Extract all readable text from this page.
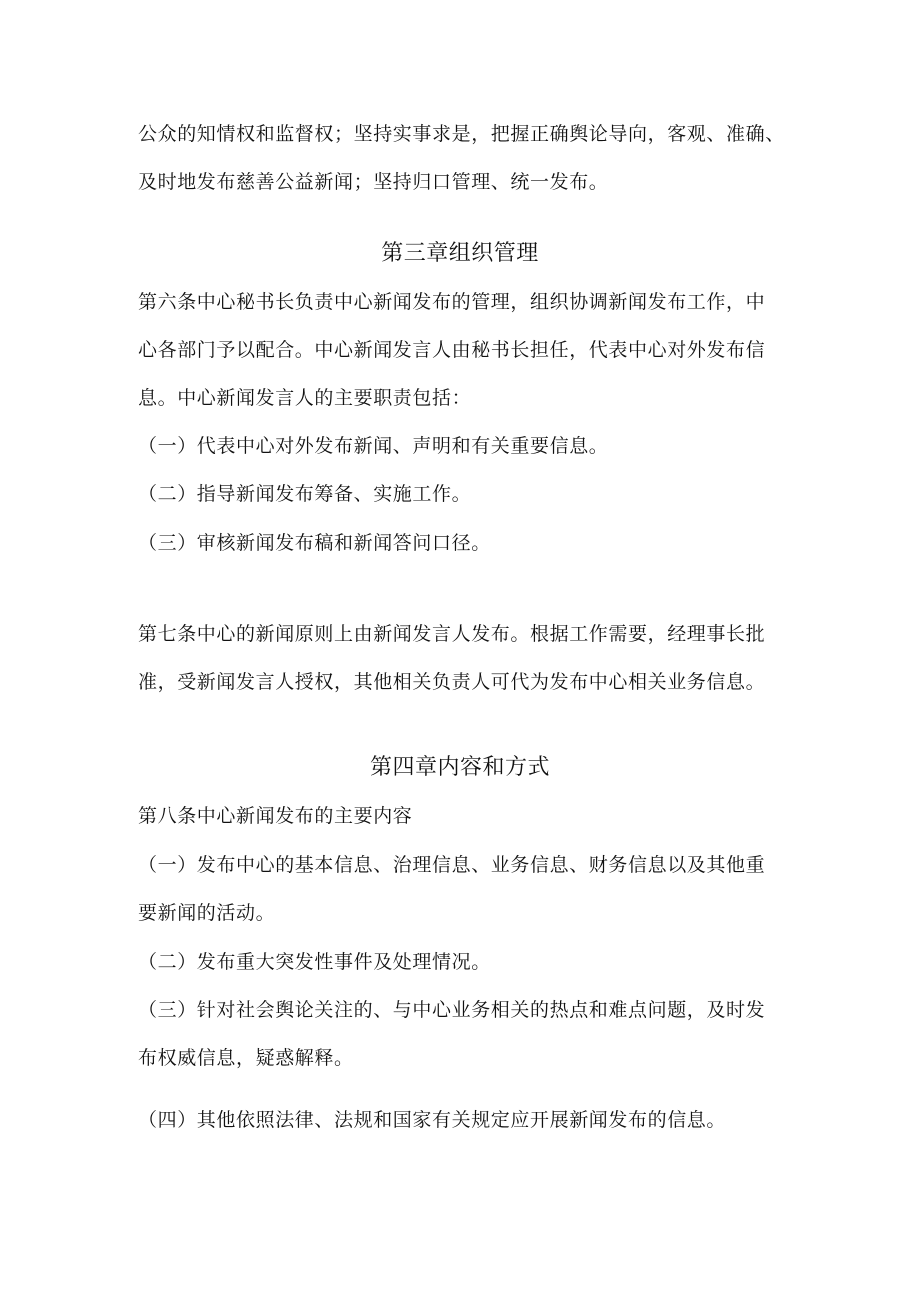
公众的知情权和监督权；坚持实事求是，把握正确舆论导向，客观、准确、
及时地发布慈善公益新闻；坚持归口管理、统一发布。
第三章组织管理
第六条中心秘书长负责中心新闻发布的管理，组织协调新闻发布工作，中
心各部门予以配合。中心新闻发言人由秘书长担任，代表中心对外发布信
息。中心新闻发言人的主要职责包括：
（一）代表中心对外发布新闻、声明和有关重要信息。
（二）指导新闻发布筹备、实施工作。
（三）审核新闻发布稿和新闻答问口径。
第七条中心的新闻原则上由新闻发言人发布。根据工作需要，经理事长批
准，受新闻发言人授权，其他相关负责人可代为发布中心相关业务信息。
第四章内容和方式
第八条中心新闻发布的主要内容
（一）发布中心的基本信息、治理信息、业务信息、财务信息以及其他重
要新闻的活动。
（二）发布重大突发性事件及处理情况。
（三）针对社会舆论关注的、与中心业务相关的热点和难点问题，及时发
布权威信息，疑惑解释。
（四）其他依照法律、法规和国家有关规定应开展新闻发布的信息。
